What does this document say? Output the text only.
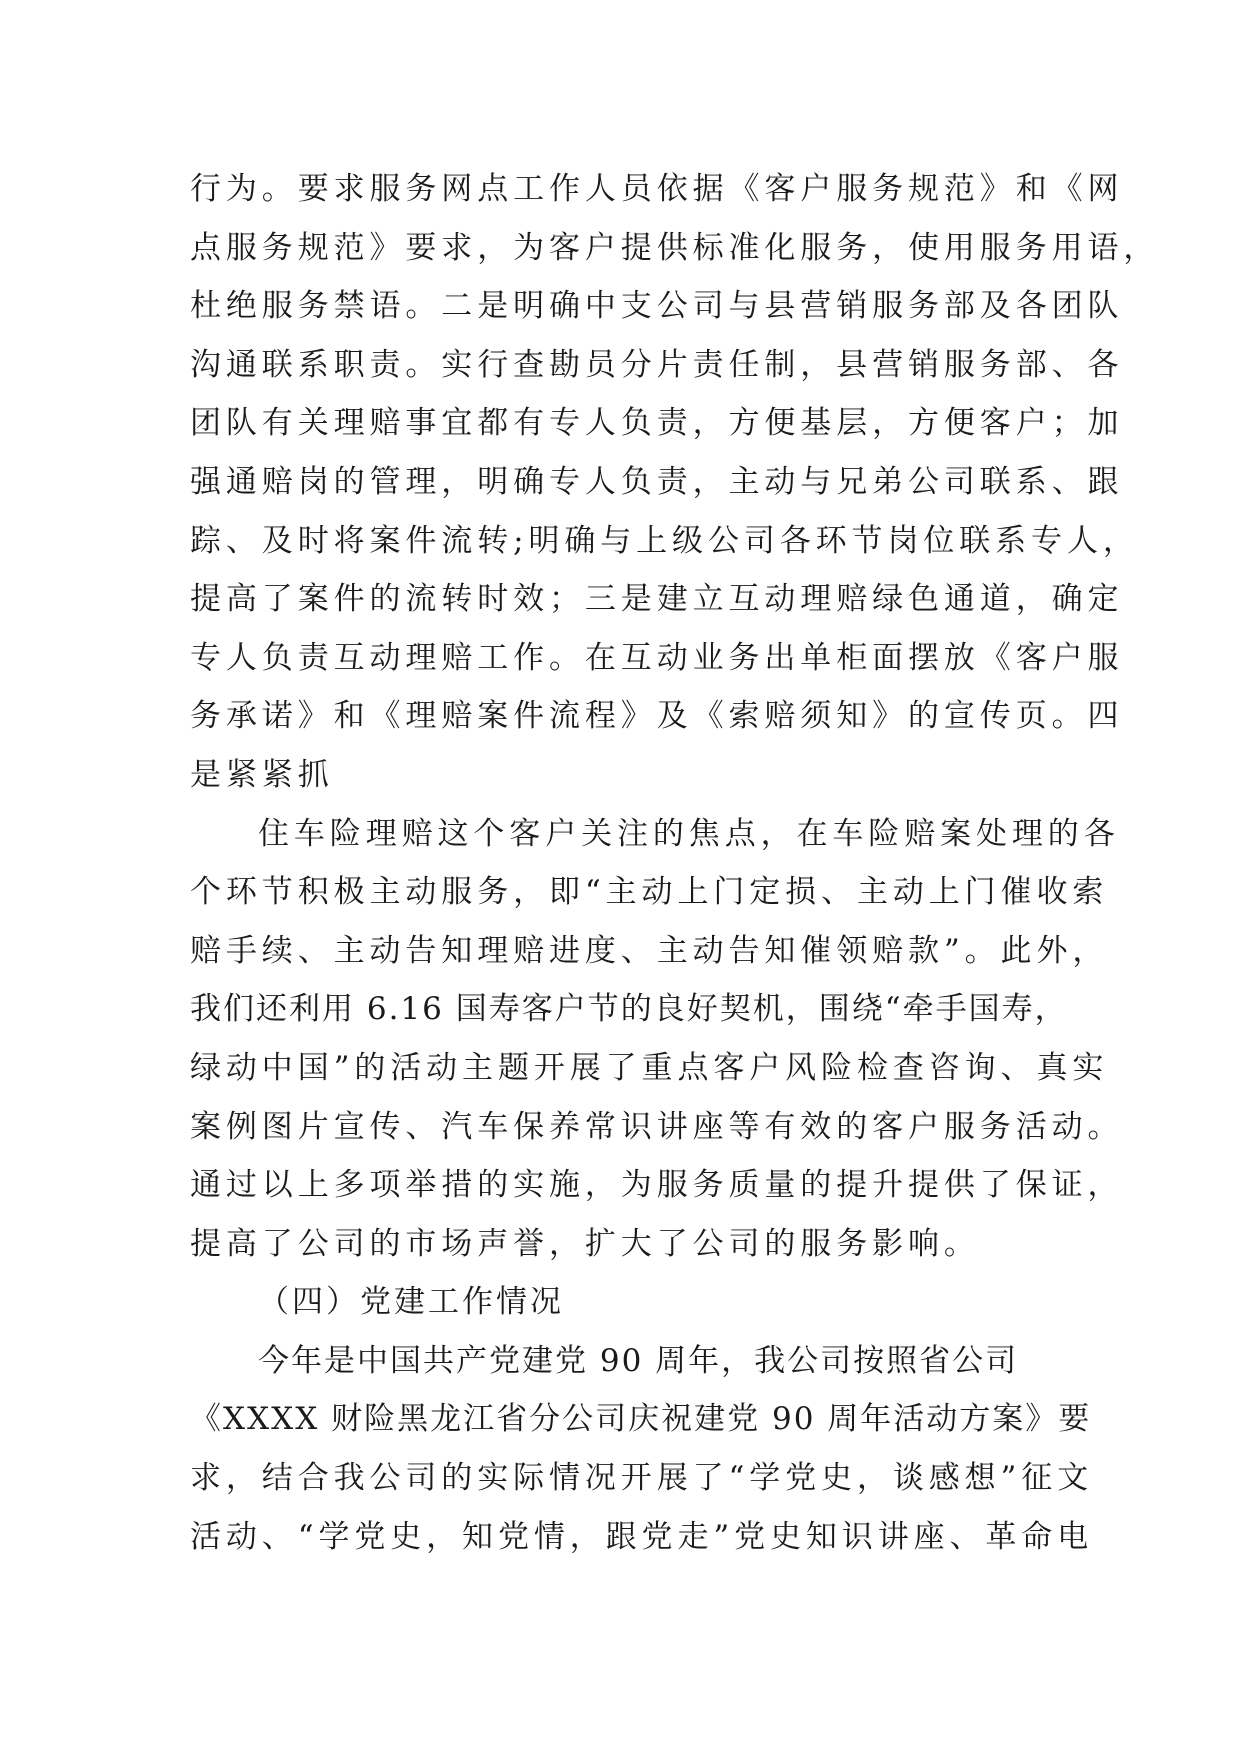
行为。要求服务网点工作人员依据《客户服务规范》和《网
点服务规范》要求，为客户提供标准化服务，使用服务用语，
杜绝服务禁语。二是明确中支公司与县营销服务部及各团队
沟通联系职责。实行查勘员分片责任制，县营销服务部、各
团队有关理赔事宜都有专人负责，方便基层，方便客户；加
强通赔岗的管理，明确专人负责，主动与兄弟公司联系、跟
踪、及时将案件流转;明确与上级公司各环节岗位联系专人，
提高了案件的流转时效；三是建立互动理赔绿色通道，确定
专人负责互动理赔工作。在互动业务出单柜面摆放《客户服
务承诺》和《理赔案件流程》及《索赔须知》的宣传页。四
是紧紧抓
住车险理赔这个客户关注的焦点，在车险赔案处理的各
个环节积极主动服务，即“主动上门定损、主动上门催收索
赔手续、主动告知理赔进度、主动告知催领赔款”。此外，
我们还利用 6.16 国寿客户节的良好契机，围绕“牵手国寿，
绿动中国”的活动主题开展了重点客户风险检查咨询、真实
案例图片宣传、汽车保养常识讲座等有效的客户服务活动。
通过以上多项举措的实施，为服务质量的提升提供了保证，
提高了公司的市场声誉，扩大了公司的服务影响。
（四）党建工作情况
今年是中国共产党建党 90 周年，我公司按照省公司
《XXXX 财险黑龙江省分公司庆祝建党 90 周年活动方案》要
求，结合我公司的实际情况开展了“学党史，谈感想”征文
活动、“学党史，知党情，跟党走”党史知识讲座、革命电
